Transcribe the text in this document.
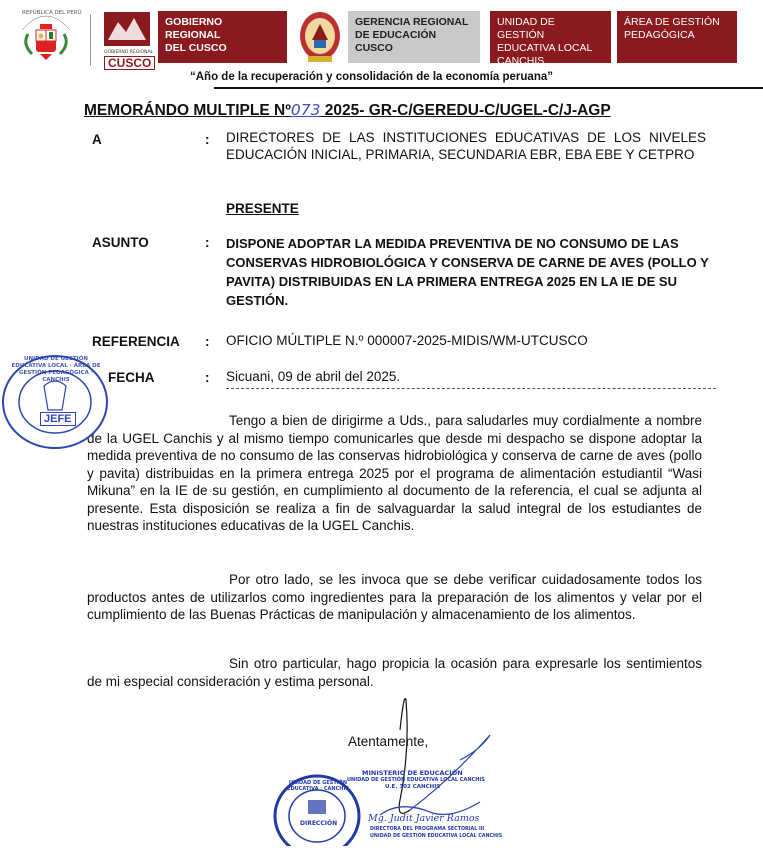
REPÚBLICA DEL PERÚ
GOBIERNO REGIONAL
CUSCO
GOBIERNO REGIONAL
DEL CUSCO
GERENCIA REGIONAL
DE EDUCACIÓN CUSCO
UNIDAD DE GESTIÓN
EDUCATIVA LOCAL
CANCHIS
ÁREA DE GESTIÓN
PEDAGÓGICA
“Año de la recuperación y consolidación de la economía peruana”
MEMORÁNDO MULTIPLE Nº073 2025- GR-C/GEREDU-C/UGEL-C/J-AGP
A	: DIRECTORES DE LAS INSTITUCIONES EDUCATIVAS DE LOS NIVELES EDUCACIÓN INICIAL, PRIMARIA, SECUNDARIA EBR, EBA EBE Y CETPRO
PRESENTE
ASUNTO	: DISPONE ADOPTAR LA MEDIDA PREVENTIVA DE NO CONSUMO DE LAS CONSERVAS HIDROBIOLÓGICA Y CONSERVA DE CARNE DE AVES (POLLO Y PAVITA) DISTRIBUIDAS EN LA PRIMERA ENTREGA 2025 EN LA IE DE SU GESTIÓN.
REFERENCIA : OFICIO MÚLTIPLE N.º 000007-2025-MIDIS/WM-UTCUSCO
FECHA	: Sicuani, 09 de abril del 2025.
Tengo a bien de dirigirme a Uds., para saludarles muy cordialmente a nombre de la UGEL Canchis y al mismo tiempo comunicarles que desde mi despacho se dispone adoptar la medida preventiva de no consumo de las conservas hidrobiológica y conserva de carne de aves (pollo y pavita) distribuidas en la primera entrega 2025 por el programa de alimentación estudiantil “Wasi Mikuna” en la IE de su gestión, en cumplimiento al documento de la referencia, el cual se adjunta al presente. Esta disposición se realiza a fin de salvaguardar la salud integral de los estudiantes de nuestras instituciones educativas de la UGEL Canchis.
Por otro lado, se les invoca que se debe verificar cuidadosamente todos los productos antes de utilizarlos como ingredientes para la preparación de los alimentos y velar por el cumplimiento de las Buenas Prácticas de manipulación y almacenamiento de los alimentos.
Sin otro particular, hago propicia la ocasión para expresarle los sentimientos de mi especial consideración y estima personal.
Atentamente,
UNIDAD DE GESTIÓN EDUCATIVA LOCAL · ÁREA DE GESTIÓN PEDAGÓGICA · CANCHIS
JEFE
UNIDAD DE GESTIÓN EDUCATIVA · CANCHIS
DIRECCIÓN
MINISTERIO DE EDUCACIÓN
UNIDAD DE GESTIÓN EDUCATIVA LOCAL CANCHIS
U.E. 302 CANCHIS
Mg. Judit Javier Ramos
DIRECTORA DEL PROGRAMA SECTORIAL III
UNIDAD DE GESTIÓN EDUCATIVA LOCAL CANCHIS
